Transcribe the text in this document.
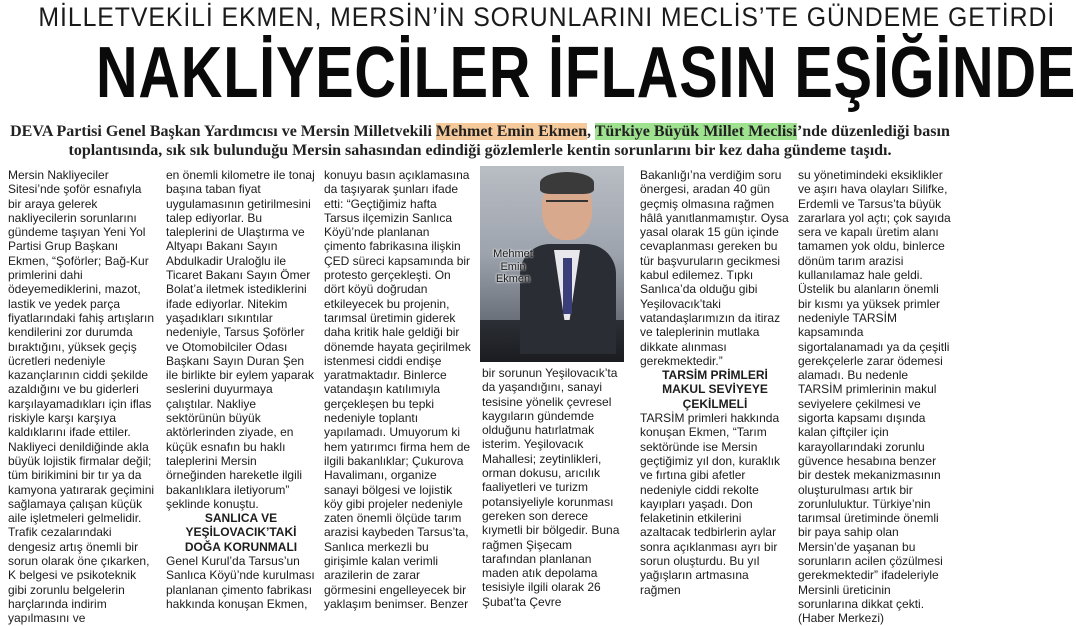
MİLLETVEKİLİ EKMEN, MERSİN’İN SORUNLARINI MECLİS’TE GÜNDEME GETİRDİ
NAKLİYECİLER İFLASIN EŞİĞİNDE
DEVA Partisi Genel Başkan Yardımcısı ve Mersin Milletvekili Mehmet Emin Ekmen, Türkiye Büyük Millet Meclisi’nde düzenlediği basın toplantısında, sık sık bulunduğu Mersin sahasından edindiği gözlemlerle kentin sorunlarını bir kez daha gündeme taşıdı.

Mersin Nakliyeciler Sitesi’nde şoför esnafıyla bir araya gelerek nakliyecilerin sorunlarını gündeme taşıyan Yeni Yol Partisi Grup Başkanı Ekmen, “Şoförler; Bağ-Kur primlerini dahi ödeyemediklerini, mazot, lastik ve yedek parça fiyatlarındaki fahiş artışların kendilerini zor durumda bıraktığını, yüksek geçiş ücretleri nedeniyle kazançlarının ciddi şekilde azaldığını ve bu giderleri karşılayamadıkları için iflas riskiyle karşı karşıya kaldıklarını ifade ettiler. Nakliyeci denildiğinde akla büyük lojistik firmalar değil; tüm birikimini bir tır ya da kamyona yatırarak geçimini sağlamaya çalışan küçük aile işletmeleri gelmelidir. Trafik cezalarındaki dengesiz artış önemli bir sorun olarak öne çıkarken, K belgesi ve psikoteknik gibi zorunlu belgelerin harçlarında indirim yapılmasını ve

en önemli kilometre ile tonaj başına taban fiyat uygulamasının getirilmesini talep ediyorlar. Bu taleplerini de Ulaştırma ve Altyapı Bakanı Sayın Abdulkadir Uraloğlu ile Ticaret Bakanı Sayın Ömer Bolat’a iletmek istediklerini ifade ediyorlar. Nitekim yaşadıkları sıkıntılar nedeniyle, Tarsus Şoförler ve Otomobilciler Odası Başkanı Sayın Duran Şen ile birlikte bir eylem yaparak seslerini duyurmaya çalıştılar. Nakliye sektörünün büyük aktörlerinden ziyade, en küçük esnafın bu haklı taleplerini Mersin örneğinden hareketle ilgili bakanlıklara iletiyorum” şeklinde konuştu.

SANLICA VE YEŞİLOVACIK’TAKİ DOĞA KORUNMALI

Genel Kurul’da Tarsus’un Sanlıca Köyü’nde kurulması planlanan çimento fabrikası hakkında konuşan Ekmen,

konuyu basın açıklamasına da taşıyarak şunları ifade etti: “Geçtiğimiz hafta Tarsus ilçemizin Sanlıca Köyü’nde planlanan çimento fabrikasına ilişkin ÇED süreci kapsamında bir protesto gerçekleşti. On dört köyü doğrudan etkileyecek bu projenin, tarımsal üretimin giderek daha kritik hale geldiği bir dönemde hayata geçirilmek istenmesi ciddi endişe yaratmaktadır. Binlerce vatandaşın katılımıyla gerçekleşen bu tepki nedeniyle toplantı yapılamadı. Umuyorum ki hem yatırımcı firma hem de ilgili bakanlıklar; Çukurova Havalimanı, organize sanayi bölgesi ve lojistik köy gibi projeler nedeniyle zaten önemli ölçüde tarım arazisi kaybeden Tarsus’ta, Sanlıca merkezli bu girişimle kalan verimli arazilerin de zarar görmesini engelleyecek bir yaklaşım benimser. Benzer

Mehmet
Emin
Ekmen

bir sorunun Yeşilovacık’ta da yaşandığını, sanayi tesisine yönelik çevresel kaygıların gündemde olduğunu hatırlatmak isterim. Yeşilovacık Mahallesi; zeytinlikleri, orman dokusu, arıcılık faaliyetleri ve turizm potansiyeliyle korunması gereken son derece kıymetli bir bölgedir. Buna rağmen Şişecam tarafından planlanan maden atık depolama tesisiyle ilgili olarak 26 Şubat’ta Çevre

Bakanlığı’na verdiğim soru önergesi, aradan 40 gün geçmiş olmasına rağmen hâlâ yanıtlanmamıştır. Oysa yasal olarak 15 gün içinde cevaplanması gereken bu tür başvuruların gecikmesi kabul edilemez. Tıpkı Sanlıca’da olduğu gibi Yeşilovacık’taki vatandaşlarımızın da itiraz ve taleplerinin mutlaka dikkate alınması gerekmektedir.”

TARSİM PRİMLERİ MAKUL SEVİYEYE ÇEKİLMELİ

TARSİM primleri hakkında konuşan Ekmen, “Tarım sektöründe ise Mersin geçtiğimiz yıl don, kuraklık ve fırtına gibi afetler nedeniyle ciddi rekolte kayıpları yaşadı. Don felaketinin etkilerini azaltacak tedbirlerin aylar sonra açıklanması ayrı bir sorun oluşturdu. Bu yıl yağışların artmasına rağmen

su yönetimindeki eksiklikler ve aşırı hava olayları Silifke, Erdemli ve Tarsus’ta büyük zararlara yol açtı; çok sayıda sera ve kapalı üretim alanı tamamen yok oldu, binlerce dönüm tarım arazisi kullanılamaz hale geldi. Üstelik bu alanların önemli bir kısmı ya yüksek primler nedeniyle TARSİM kapsamında sigortalanamadı ya da çeşitli gerekçelerle zarar ödemesi alamadı. Bu nedenle TARSİM primlerinin makul seviyelere çekilmesi ve sigorta kapsamı dışında kalan çiftçiler için karayollarındaki zorunlu güvence hesabına benzer bir destek mekanizmasının oluşturulması artık bir zorunluluktur. Türkiye’nin tarımsal üretiminde önemli bir paya sahip olan Mersin’de yaşanan bu sorunların acilen çözülmesi gerekmektedir” ifadeleriyle Mersinli üreticinin sorunlarına dikkat çekti. (Haber Merkezi)
